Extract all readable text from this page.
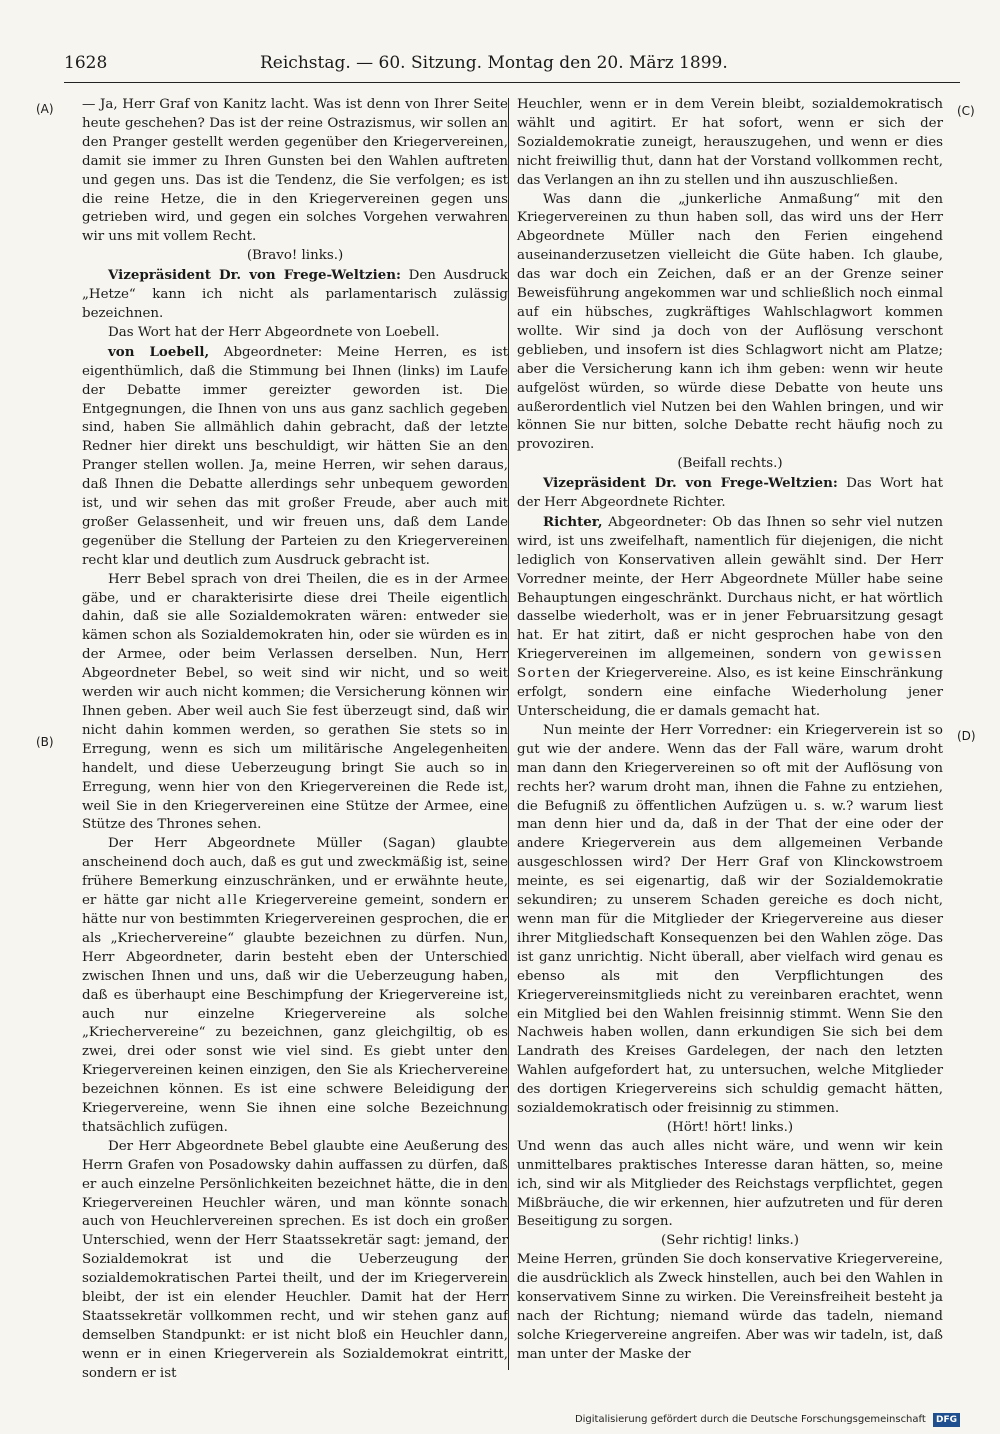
1628	Reichstag. — 60. Sitzung. Montag den 20. März 1899.
(A)
(B)
(C)
(D)

— Ja, Herr Graf von Kanitz lacht. Was ist denn von Ihrer Seite heute geschehen? Das ist der reine Ostrazismus, wir sollen an den Pranger gestellt werden gegenüber den Kriegervereinen, damit sie immer zu Ihren Gunsten bei den Wahlen auftreten und gegen uns. Das ist die Tendenz, die Sie verfolgen; es ist die reine Hetze, die in den Kriegervereinen gegen uns getrieben wird, und gegen ein solches Vorgehen verwahren wir uns mit vollem Recht.

(Bravo! links.)

Vizepräsident Dr. von Frege-Weltzien: Den Ausdruck „Hetze“ kann ich nicht als parlamentarisch zulässig bezeichnen.

Das Wort hat der Herr Abgeordnete von Loebell.

von Loebell, Abgeordneter: Meine Herren, es ist eigenthümlich, daß die Stimmung bei Ihnen (links) im Laufe der Debatte immer gereizter geworden ist. Die Entgegnungen, die Ihnen von uns aus ganz sachlich gegeben sind, haben Sie allmählich dahin gebracht, daß der letzte Redner hier direkt uns beschuldigt, wir hätten Sie an den Pranger stellen wollen. Ja, meine Herren, wir sehen daraus, daß Ihnen die Debatte allerdings sehr unbequem geworden ist, und wir sehen das mit großer Freude, aber auch mit großer Gelassenheit, und wir freuen uns, daß dem Lande gegenüber die Stellung der Parteien zu den Kriegervereinen recht klar und deutlich zum Ausdruck gebracht ist.

Herr Bebel sprach von drei Theilen, die es in der Armee gäbe, und er charakterisirte diese drei Theile eigentlich dahin, daß sie alle Sozialdemokraten wären: entweder sie kämen schon als Sozialdemokraten hin, oder sie würden es in der Armee, oder beim Verlassen derselben. Nun, Herr Abgeordneter Bebel, so weit sind wir nicht, und so weit werden wir auch nicht kommen; die Versicherung können wir Ihnen geben. Aber weil auch Sie fest überzeugt sind, daß wir nicht dahin kommen werden, so gerathen Sie stets so in Erregung, wenn es sich um militärische Angelegenheiten handelt, und diese Ueberzeugung bringt Sie auch so in Erregung, wenn hier von den Kriegervereinen die Rede ist, weil Sie in den Kriegervereinen eine Stütze der Armee, eine Stütze des Thrones sehen.

Der Herr Abgeordnete Müller (Sagan) glaubte anscheinend doch auch, daß es gut und zweckmäßig ist, seine frühere Bemerkung einzuschränken, und er erwähnte heute, er hätte gar nicht alle Kriegervereine gemeint, sondern er hätte nur von bestimmten Kriegervereinen gesprochen, die er als „Kriechervereine“ glaubte bezeichnen zu dürfen. Nun, Herr Abgeordneter, darin besteht eben der Unterschied zwischen Ihnen und uns, daß wir die Ueberzeugung haben, daß es überhaupt eine Beschimpfung der Kriegervereine ist, auch nur einzelne Kriegervereine als solche „Kriechervereine“ zu bezeichnen, ganz gleichgiltig, ob es zwei, drei oder sonst wie viel sind. Es giebt unter den Kriegervereinen keinen einzigen, den Sie als Kriechervereine bezeichnen können. Es ist eine schwere Beleidigung der Kriegervereine, wenn Sie ihnen eine solche Bezeichnung thatsächlich zufügen.

Der Herr Abgeordnete Bebel glaubte eine Aeußerung des Herrn Grafen von Posadowsky dahin auffassen zu dürfen, daß er auch einzelne Persönlichkeiten bezeichnet hätte, die in den Kriegervereinen Heuchler wären, und man könnte sonach auch von Heuchlervereinen sprechen. Es ist doch ein großer Unterschied, wenn der Herr Staatssekretär sagt: jemand, der Sozialdemokrat ist und die Ueberzeugung der sozialdemokratischen Partei theilt, und der im Kriegerverein bleibt, der ist ein elender Heuchler. Damit hat der Herr Staatssekretär vollkommen recht, und wir stehen ganz auf demselben Standpunkt: er ist nicht bloß ein Heuchler dann, wenn er in einen Kriegerverein als Sozialdemokrat eintritt, sondern er ist

Heuchler, wenn er in dem Verein bleibt, sozialdemokratisch wählt und agitirt. Er hat sofort, wenn er sich der Sozialdemokratie zuneigt, herauszugehen, und wenn er dies nicht freiwillig thut, dann hat der Vorstand vollkommen recht, das Verlangen an ihn zu stellen und ihn auszuschließen.

Was dann die „junkerliche Anmaßung“ mit den Kriegervereinen zu thun haben soll, das wird uns der Herr Abgeordnete Müller nach den Ferien eingehend auseinanderzusetzen vielleicht die Güte haben. Ich glaube, das war doch ein Zeichen, daß er an der Grenze seiner Beweisführung angekommen war und schließlich noch einmal auf ein hübsches, zugkräftiges Wahlschlagwort kommen wollte. Wir sind ja doch von der Auflösung verschont geblieben, und insofern ist dies Schlagwort nicht am Platze; aber die Versicherung kann ich ihm geben: wenn wir heute aufgelöst würden, so würde diese Debatte von heute uns außerordentlich viel Nutzen bei den Wahlen bringen, und wir können Sie nur bitten, solche Debatte recht häufig noch zu provoziren.

(Beifall rechts.)

Vizepräsident Dr. von Frege-Weltzien: Das Wort hat der Herr Abgeordnete Richter.

Richter, Abgeordneter: Ob das Ihnen so sehr viel nutzen wird, ist uns zweifelhaft, namentlich für diejenigen, die nicht lediglich von Konservativen allein gewählt sind. Der Herr Vorredner meinte, der Herr Abgeordnete Müller habe seine Behauptungen eingeschränkt. Durchaus nicht, er hat wörtlich dasselbe wiederholt, was er in jener Februarsitzung gesagt hat. Er hat zitirt, daß er nicht gesprochen habe von den Kriegervereinen im allgemeinen, sondern von gewissen Sorten der Kriegervereine. Also, es ist keine Einschränkung erfolgt, sondern eine einfache Wiederholung jener Unterscheidung, die er damals gemacht hat.

Nun meinte der Herr Vorredner: ein Kriegerverein ist so gut wie der andere. Wenn das der Fall wäre, warum droht man dann den Kriegervereinen so oft mit der Auflösung von rechts her? warum droht man, ihnen die Fahne zu entziehen, die Befugniß zu öffentlichen Aufzügen u. s. w.? warum liest man denn hier und da, daß in der That der eine oder der andere Kriegerverein aus dem allgemeinen Verbande ausgeschlossen wird? Der Herr Graf von Klinckowstroem meinte, es sei eigenartig, daß wir der Sozialdemokratie sekundiren; zu unserem Schaden gereiche es doch nicht, wenn man für die Mitglieder der Kriegervereine aus dieser ihrer Mitgliedschaft Konsequenzen bei den Wahlen zöge. Das ist ganz unrichtig. Nicht überall, aber vielfach wird genau es ebenso als mit den Verpflichtungen des Kriegervereinsmitglieds nicht zu vereinbaren erachtet, wenn ein Mitglied bei den Wahlen freisinnig stimmt. Wenn Sie den Nachweis haben wollen, dann erkundigen Sie sich bei dem Landrath des Kreises Gardelegen, der nach den letzten Wahlen aufgefordert hat, zu untersuchen, welche Mitglieder des dortigen Kriegervereins sich schuldig gemacht hätten, sozialdemokratisch oder freisinnig zu stimmen.

(Hört! hört! links.)

Und wenn das auch alles nicht wäre, und wenn wir kein unmittelbares praktisches Interesse daran hätten, so, meine ich, sind wir als Mitglieder des Reichstags verpflichtet, gegen Mißbräuche, die wir erkennen, hier aufzutreten und für deren Beseitigung zu sorgen.

(Sehr richtig! links.)

Meine Herren, gründen Sie doch konservative Kriegervereine, die ausdrücklich als Zweck hinstellen, auch bei den Wahlen in konservativem Sinne zu wirken. Die Vereinsfreiheit besteht ja nach der Richtung; niemand würde das tadeln, niemand solche Kriegervereine angreifen. Aber was wir tadeln, ist, daß man unter der Maske der

Digitalisierung gefördert durch die Deutsche Forschungsgemeinschaft DFG
